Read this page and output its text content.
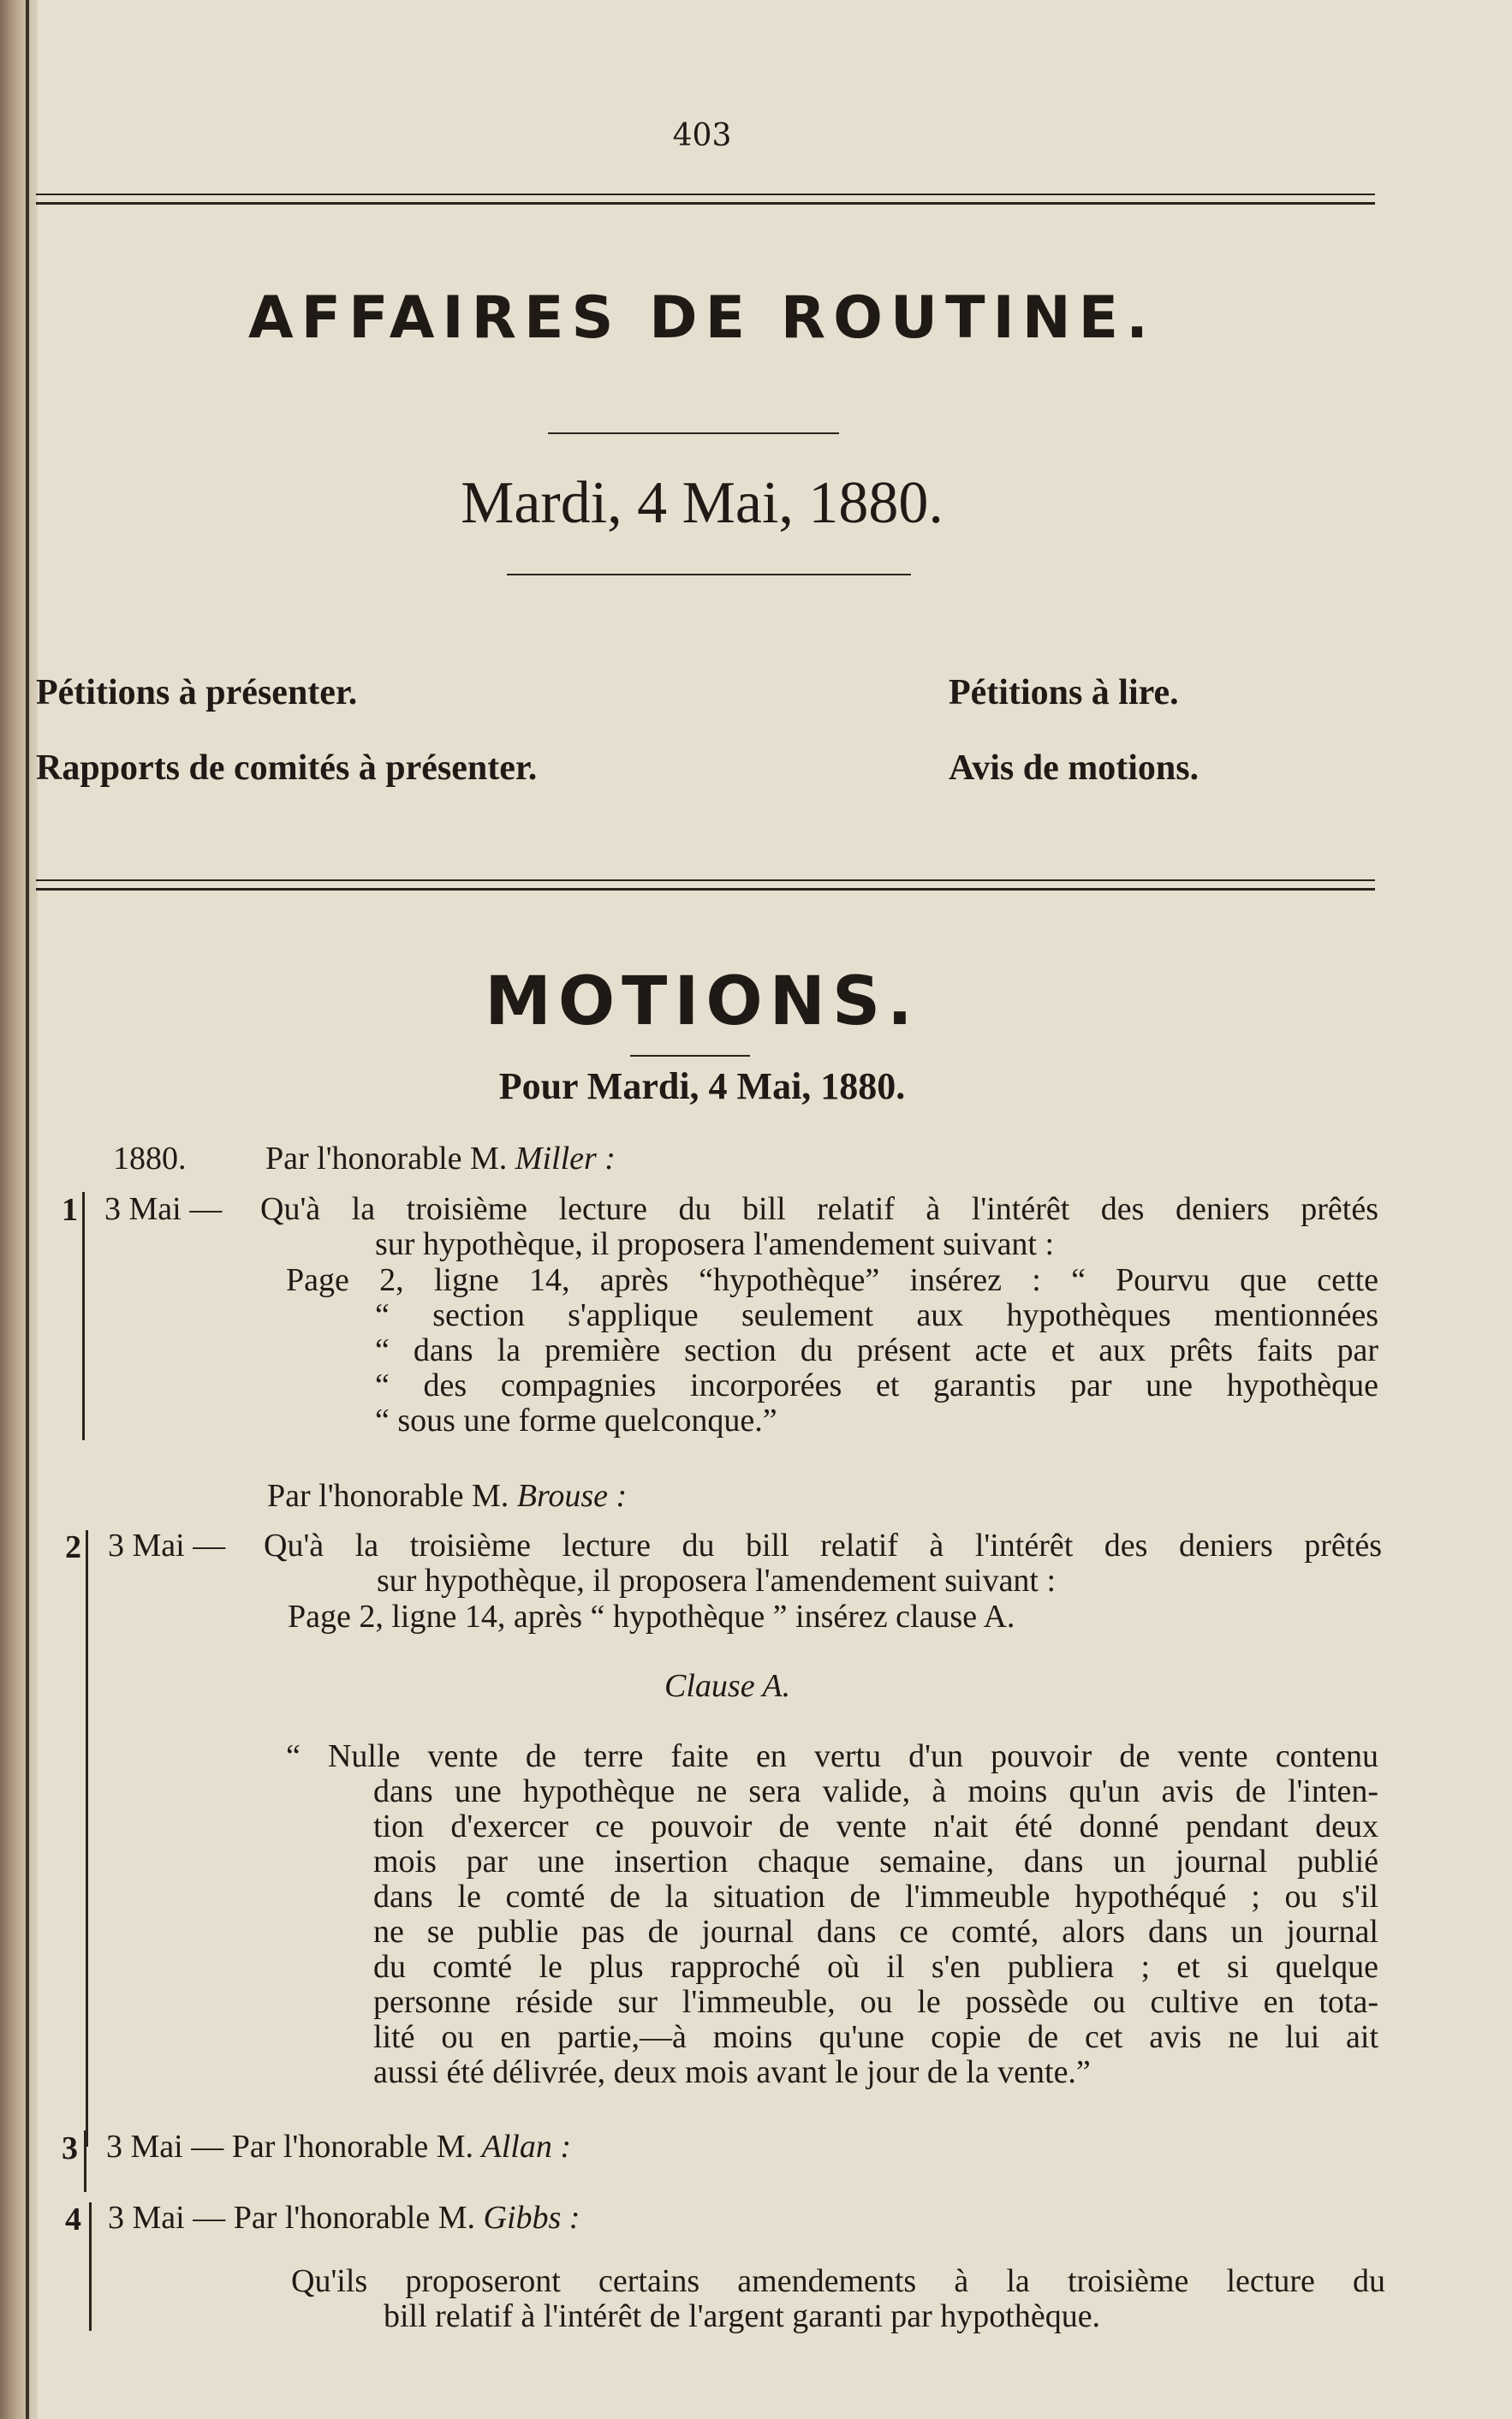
403
AFFAIRES DE ROUTINE.
Mardi, 4 Mai, 1880.
Pétitions à présenter.
Rapports de comités à présenter.
Pétitions à lire.
Avis de motions.
MOTIONS.
Pour Mardi, 4 Mai, 1880.
1880. Par l'honorable M. Miller :
1 3 Mai — Qu'à la troisième lecture du bill relatif à l'intérêt des deniers prêtés
sur hypothèque, il proposera l'amendement suivant :
Page 2, ligne 14, après “hypothèque” insérez : “ Pourvu que cette
“ section s'applique seulement aux hypothèques mentionnées
“ dans la première section du présent acte et aux prêts faits par
“ des compagnies incorporées et garantis par une hypothèque
“ sous une forme quelconque.”
Par l'honorable M. Brouse :
2 3 Mai — Qu'à la troisième lecture du bill relatif à l'intérêt des deniers prêtés
sur hypothèque, il proposera l'amendement suivant :
Page 2, ligne 14, après “ hypothèque ” insérez clause A.
Clause A.
“ Nulle vente de terre faite en vertu d'un pouvoir de vente contenu
dans une hypothèque ne sera valide, à moins qu'un avis de l'inten-
tion d'exercer ce pouvoir de vente n'ait été donné pendant deux
mois par une insertion chaque semaine, dans un journal publié
dans le comté de la situation de l'immeuble hypothéqué ; ou s'il
ne se publie pas de journal dans ce comté, alors dans un journal
du comté le plus rapproché où il s'en publiera ; et si quelque
personne réside sur l'immeuble, ou le possède ou cultive en tota-
lité ou en partie,—à moins qu'une copie de cet avis ne lui ait
aussi été délivrée, deux mois avant le jour de la vente.”
3 3 Mai — Par l'honorable M. Allan :
4 3 Mai — Par l'honorable M. Gibbs :
Qu'ils proposeront certains amendements à la troisième lecture du
bill relatif à l'intérêt de l'argent garanti par hypothèque.
